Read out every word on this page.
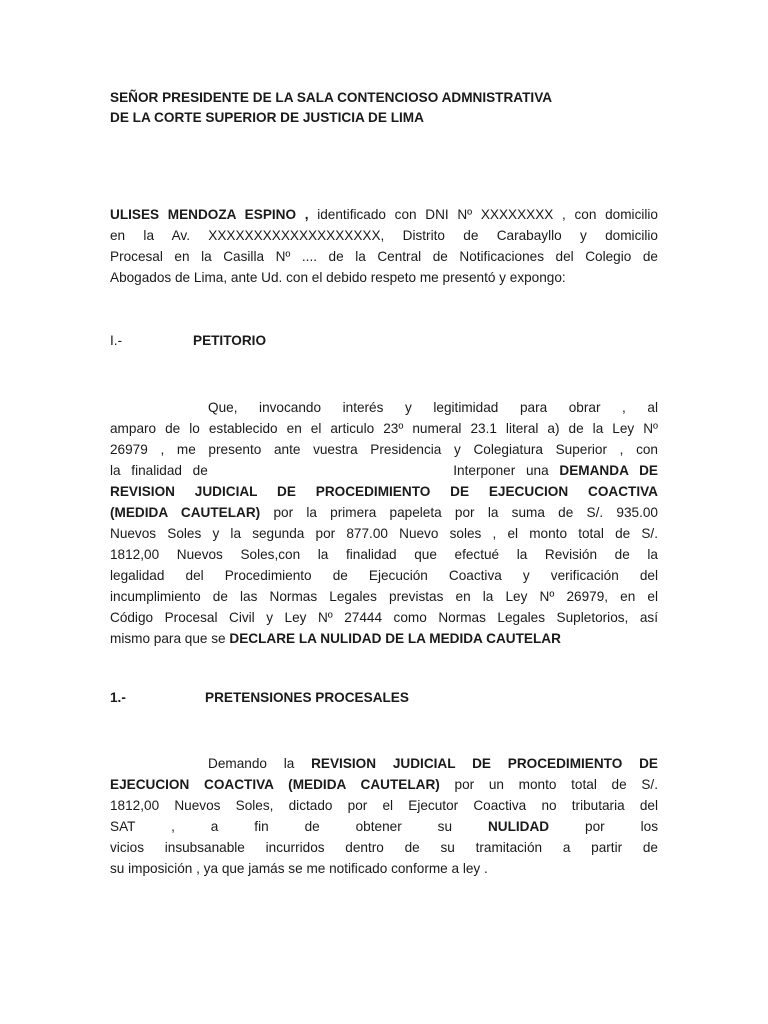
SEÑOR PRESIDENTE DE LA SALA CONTENCIOSO ADMNISTRATIVA
DE LA CORTE SUPERIOR DE JUSTICIA DE LIMA
ULISES MENDOZA ESPINO , identificado con DNI Nº XXXXXXXX , con domicilio
en la Av. XXXXXXXXXXXXXXXXXXX, Distrito de Carabayllo y domicilio
Procesal en la Casilla Nº .... de la Central de Notificaciones del Colegio de
Abogados de Lima, ante Ud. con el debido respeto me presentó y expongo:
I.-	PETITORIO
Que, invocando interés y legitimidad para obrar , al
amparo de lo establecido en el articulo 23º numeral 23.1 literal a) de la Ley Nº
26979 , me presento ante vuestra Presidencia y Colegiatura Superior , con
la finalidad de	Interponer una DEMANDA DE
REVISION JUDICIAL DE PROCEDIMIENTO DE EJECUCION COACTIVA
(MEDIDA CAUTELAR) por la primera papeleta por la suma de S/. 935.00
Nuevos Soles y la segunda por 877.00 Nuevo soles , el monto total de S/.
1812,00 Nuevos Soles,con la finalidad que efectué la Revisión de la
legalidad del Procedimiento de Ejecución Coactiva y verificación del
incumplimiento de las Normas Legales previstas en la Ley Nº 26979, en el
Código Procesal Civil y Ley Nº 27444 como Normas Legales Supletorios, así
mismo para que se DECLARE LA NULIDAD DE LA MEDIDA CAUTELAR
1.-	PRETENSIONES PROCESALES
Demando la REVISION JUDICIAL DE PROCEDIMIENTO DE
EJECUCION COACTIVA (MEDIDA CAUTELAR) por un monto total de S/.
1812,00 Nuevos Soles, dictado por el Ejecutor Coactiva no tributaria del
SAT , a fin de obtener su	NULIDAD por los
vicios insubsanable incurridos dentro de su tramitación a partir de
su imposición , ya que jamás se me notificado conforme a ley .
